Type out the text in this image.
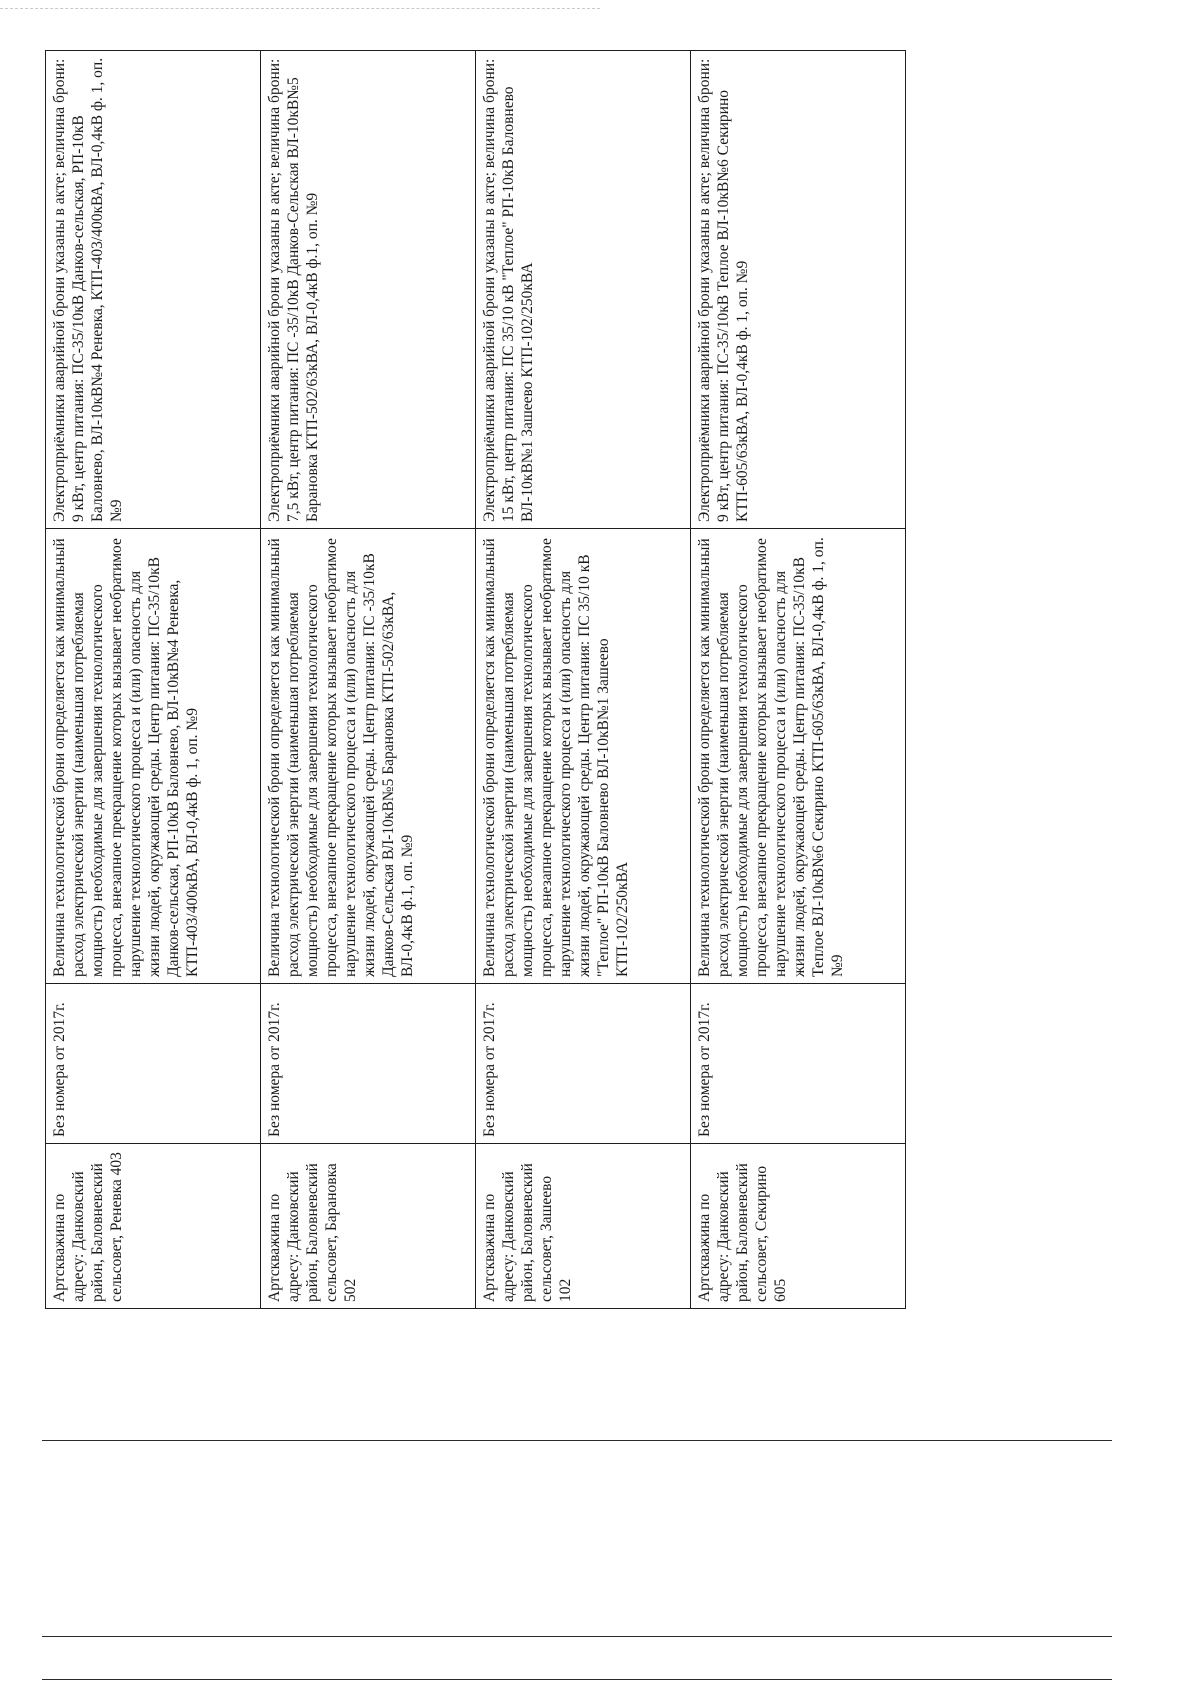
Артскважина по адресу: Данковский район, Баловневский сельсовет, Реневка 403	Без номера от 2017г.	Величина технологической брони определяется как минимальный расход электрической энергии (наименьшая потребляемая мощность) необходимые для завершения технологического процесса, внезапное прекращение которых вызывает необратимое нарушение технологического процесса и (или) опасность для жизни людей, окружающей среды. Центр питания: ПС-35/10кВ Данков-сельская, РП-10кВ Баловнево, ВЛ-10кВ№4 Реневка, КТП-403/400кВА, ВЛ-0,4кВ ф. 1, оп. №9	Электроприёмники аварийной брони указаны в акте; величина брони: 9 кВт, центр питания: ПС-35/10кВ Данков-сельская, РП-10кВ Баловнево, ВЛ-10кВ№4 Реневка, КТП-403/400кВА, ВЛ-0,4кВ ф. 1, оп. №9
Артскважина по адресу: Данковский район, Баловневский сельсовет, Барановка 502	Без номера от 2017г.	Величина технологической брони определяется как минимальный расход электрической энергии (наименьшая потребляемая мощность) необходимые для завершения технологического процесса, внезапное прекращение которых вызывает необратимое нарушение технологического процесса и (или) опасность для жизни людей, окружающей среды. Центр питания: ПС -35/10кВ Данков-Сельская ВЛ-10кВ№5 Барановка КТП-502/63кВА, ВЛ-0,4кВ ф.1, оп. №9	Электроприёмники аварийной брони указаны в акте; величина брони: 7,5 кВт, центр питания: ПС -35/10кВ Данков-Сельская ВЛ-10кВ№5 Барановка КТП-502/63кВА, ВЛ-0,4кВ ф.1, оп. №9
Артскважина по адресу: Данковский район, Баловневский сельсовет, Зашеево 102	Без номера от 2017г.	Величина технологической брони определяется как минимальный расход электрической энергии (наименьшая потребляемая мощность) необходимые для завершения технологического процесса, внезапное прекращение которых вызывает необратимое нарушение технологического процесса и (или) опасность для жизни людей, окружающей среды. Центр питания: ПС 35/10 кВ "Теплое" РП-10кВ Баловнево ВЛ-10кВ№1 Зашеево КТП-102/250кВА	Электроприёмники аварийной брони указаны в акте; величина брони: 15 кВт, центр питания: ПС 35/10 кВ "Теплое" РП-10кВ Баловнево ВЛ-10кВ№1 Зашеево КТП-102/250кВА
Артскважина по адресу: Данковский район, Баловневский сельсовет, Секирино 605	Без номера от 2017г.	Величина технологической брони определяется как минимальный расход электрической энергии (наименьшая потребляемая мощность) необходимые для завершения технологического процесса, внезапное прекращение которых вызывает необратимое нарушение технологического процесса и (или) опасность для жизни людей, окружающей среды. Центр питания: ПС-35/10кВ Теплое ВЛ-10кВ№6 Секирино КТП-605/63кВА, ВЛ-0,4кВ ф. 1, оп. №9	Электроприёмники аварийной брони указаны в акте; величина брони: 9 кВт, центр питания: ПС-35/10кВ Теплое ВЛ-10кВ№6 Секирино КТП-605/63кВА, ВЛ-0,4кВ ф. 1, оп. №9
